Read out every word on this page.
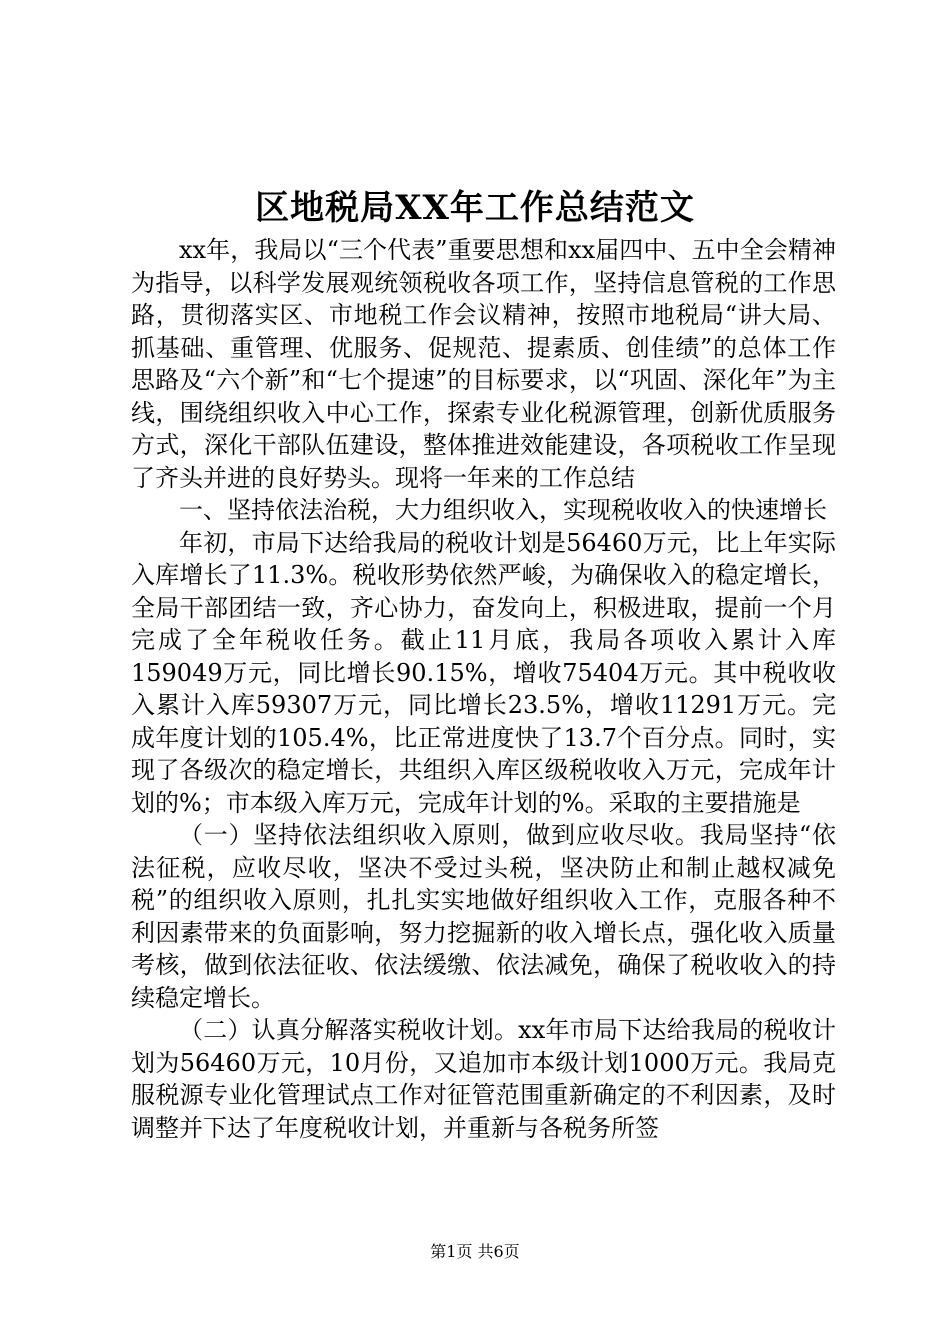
区地税局XX年工作总结范文

xx年，我局以“三个代表”重要思想和xx届四中、五中全会精神为指导，以科学发展观统领税收各项工作，坚持信息管税的工作思路，贯彻落实区、市地税工作会议精神，按照市地税局“讲大局、抓基础、重管理、优服务、促规范、提素质、创佳绩”的总体工作思路及“六个新”和“七个提速”的目标要求，以“巩固、深化年”为主线，围绕组织收入中心工作，探索专业化税源管理，创新优质服务方式，深化干部队伍建设，整体推进效能建设，各项税收工作呈现了齐头并进的良好势头。现将一年来的工作总结

一、坚持依法治税，大力组织收入，实现税收收入的快速增长

年初，市局下达给我局的税收计划是56460万元，比上年实际入库增长了11.3%。税收形势依然严峻，为确保收入的稳定增长，全局干部团结一致，齐心协力，奋发向上，积极进取，提前一个月完成了全年税收任务。截止11月底，我局各项收入累计入库159049万元，同比增长90.15%，增收75404万元。其中税收收入累计入库59307万元，同比增长23.5%，增收11291万元。完成年度计划的105.4%，比正常进度快了13.7个百分点。同时，实现了各级次的稳定增长，共组织入库区级税收收入万元，完成年计划的%；市本级入库万元，完成年计划的%。采取的主要措施是

（一）坚持依法组织收入原则，做到应收尽收。我局坚持“依法征税，应收尽收，坚决不受过头税，坚决防止和制止越权减免税”的组织收入原则，扎扎实实地做好组织收入工作，克服各种不利因素带来的负面影响，努力挖掘新的收入增长点，强化收入质量考核，做到依法征收、依法缓缴、依法减免，确保了税收收入的持续稳定增长。

（二）认真分解落实税收计划。xx年市局下达给我局的税收计划为56460万元，10月份，又追加市本级计划1000万元。我局克服税源专业化管理试点工作对征管范围重新确定的不利因素，及时调整并下达了年度税收计划，并重新与各税务所签

第1页 共6页
